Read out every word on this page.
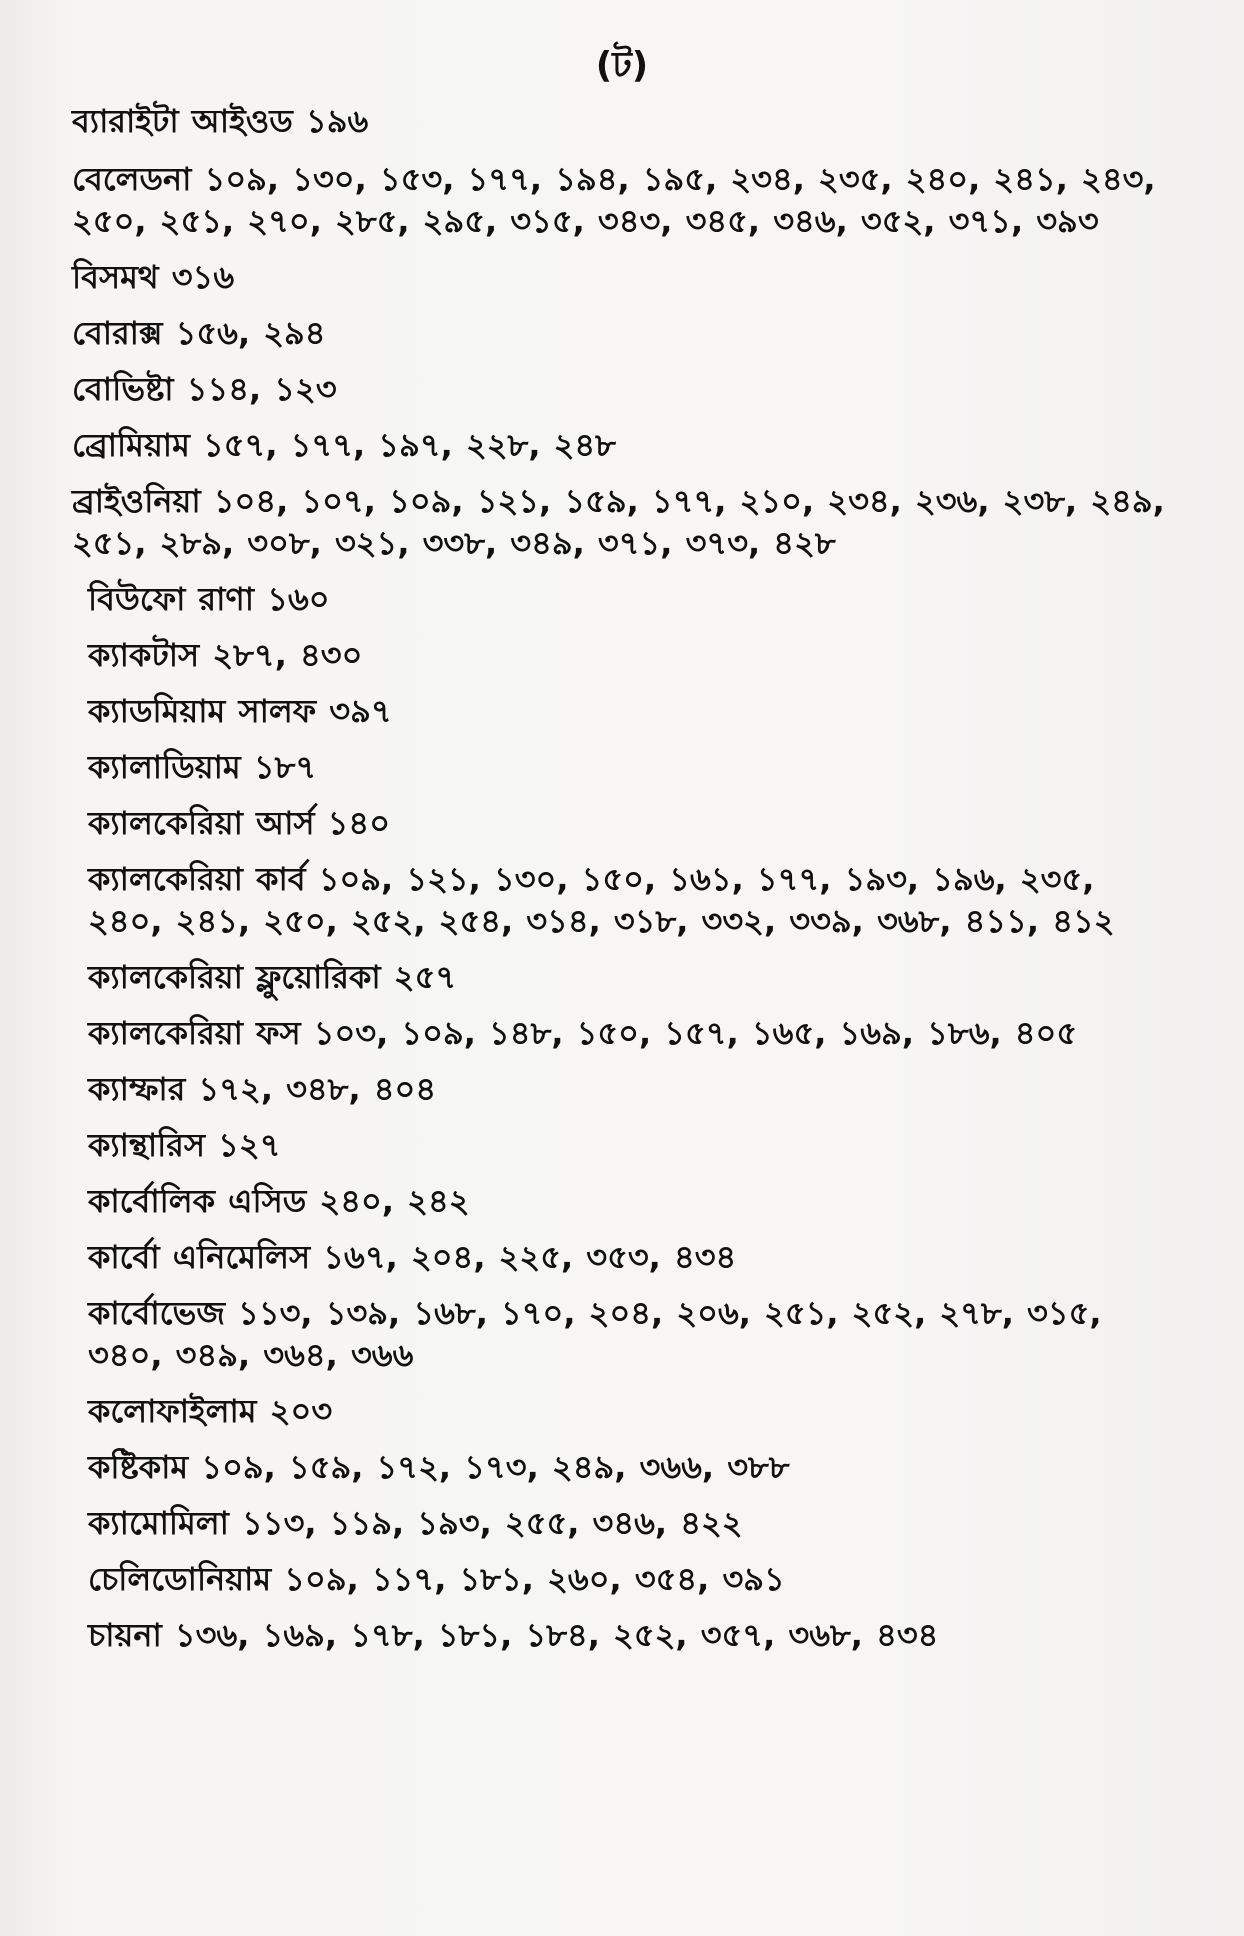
(ট)
ব্যারাইটা আইওড ১৯৬
বেলেডনা ১০৯, ১৩০, ১৫৩, ১৭৭, ১৯৪, ১৯৫, ২৩৪, ২৩৫, ২৪০, ২৪১, ২৪৩, ২৫০, ২৫১, ২৭০, ২৮৫, ২৯৫, ৩১৫, ৩৪৩, ৩৪৫, ৩৪৬, ৩৫২, ৩৭১, ৩৯৩
বিসমথ ৩১৬
বোরাক্স ১৫৬, ২৯৪
বোভিষ্টা ১১৪, ১২৩
ব্রোমিয়াম ১৫৭, ১৭৭, ১৯৭, ২২৮, ২৪৮
ব্রাইওনিয়া ১০৪, ১০৭, ১০৯, ১২১, ১৫৯, ১৭৭, ২১০, ২৩৪, ২৩৬, ২৩৮, ২৪৯, ২৫১, ২৮৯, ৩০৮, ৩২১, ৩৩৮, ৩৪৯, ৩৭১, ৩৭৩, ৪২৮
বিউফো রাণা ১৬০
ক্যাকটাস ২৮৭, ৪৩০
ক্যাডমিয়াম সালফ ৩৯৭
ক্যালাডিয়াম ১৮৭
ক্যালকেরিয়া আর্স ১৪০
ক্যালকেরিয়া কার্ব ১০৯, ১২১, ১৩০, ১৫০, ১৬১, ১৭৭, ১৯৩, ১৯৬, ২৩৫, ২৪০, ২৪১, ২৫০, ২৫২, ২৫৪, ৩১৪, ৩১৮, ৩৩২, ৩৩৯, ৩৬৮, ৪১১, ৪১২
ক্যালকেরিয়া ফ্লুয়োরিকা ২৫৭
ক্যালকেরিয়া ফস ১০৩, ১০৯, ১৪৮, ১৫০, ১৫৭, ১৬৫, ১৬৯, ১৮৬, ৪০৫
ক্যাম্ফার ১৭২, ৩৪৮, ৪০৪
ক্যান্থারিস ১২৭
কার্বোলিক এসিড ২৪০, ২৪২
কার্বো এনিমেলিস ১৬৭, ২০৪, ২২৫, ৩৫৩, ৪৩৪
কার্বোভেজ ১১৩, ১৩৯, ১৬৮, ১৭০, ২০৪, ২০৬, ২৫১, ২৫২, ২৭৮, ৩১৫, ৩৪০, ৩৪৯, ৩৬৪, ৩৬৬
কলোফাইলাম ২০৩
কষ্টিকাম ১০৯, ১৫৯, ১৭২, ১৭৩, ২৪৯, ৩৬৬, ৩৮৮
ক্যামোমিলা ১১৩, ১১৯, ১৯৩, ২৫৫, ৩৪৬, ৪২২
চেলিডোনিয়াম ১০৯, ১১৭, ১৮১, ২৬০, ৩৫৪, ৩৯১
চায়না ১৩৬, ১৬৯, ১৭৮, ১৮১, ১৮৪, ২৫২, ৩৫৭, ৩৬৮, ৪৩৪
